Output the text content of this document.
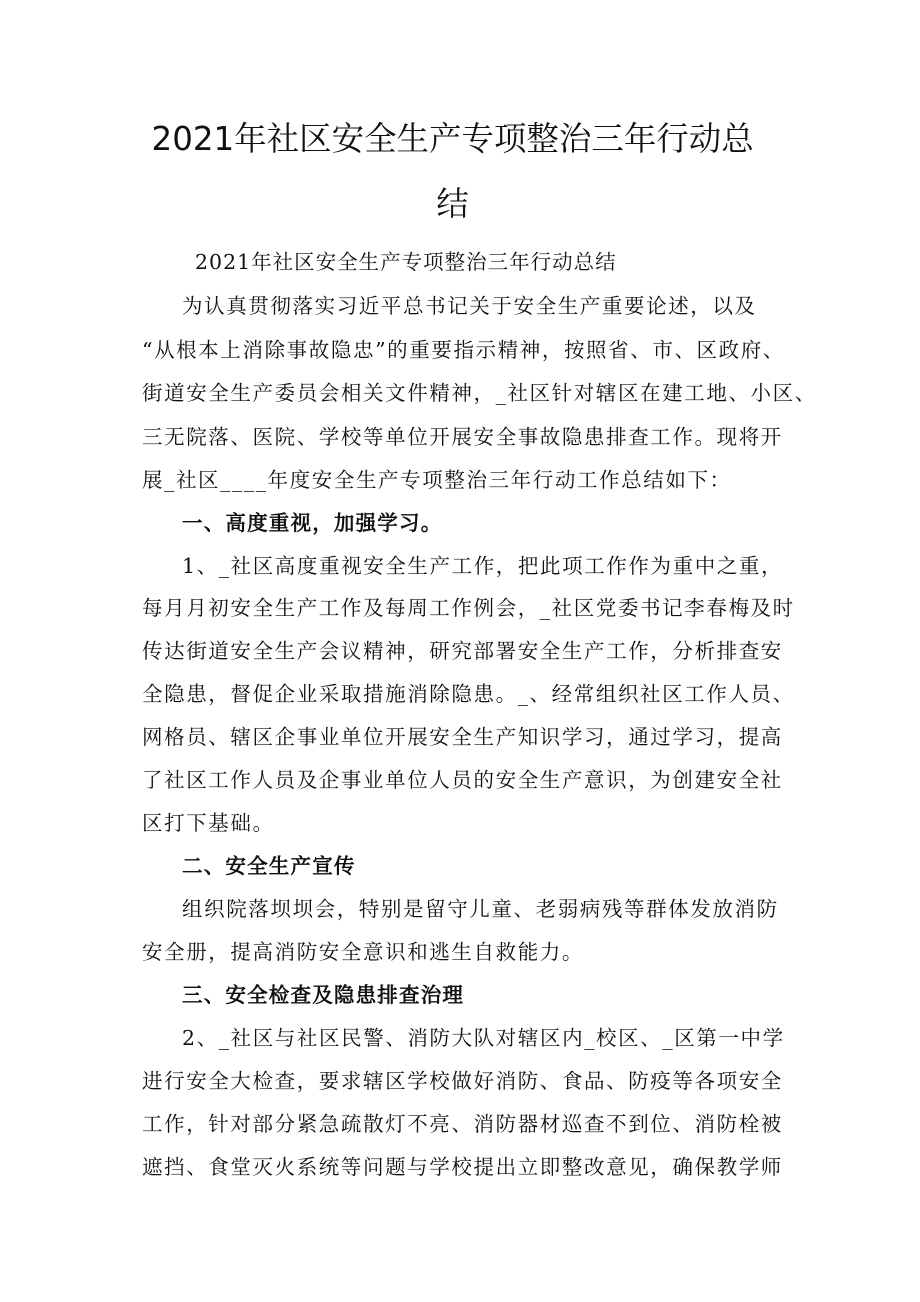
2021年社区安全生产专项整治三年行动总
结
2021年社区安全生产专项整治三年行动总结
为认真贯彻落实习近平总书记关于安全生产重要论述，以及
“从根本上消除事故隐忠”的重要指示精神，按照省、市、区政府、
街道安全生产委员会相关文件精神，_社区针对辖区在建工地、小区、
三无院落、医院、学校等单位开展安全事故隐患排查工作。现将开
展_社区____年度安全生产专项整治三年行动工作总结如下：
一、高度重视，加强学习。
1、_社区高度重视安全生产工作，把此项工作作为重中之重，
每月月初安全生产工作及每周工作例会，_社区党委书记李春梅及时
传达街道安全生产会议精神，研究部署安全生产工作，分析排查安
全隐患，督促企业采取措施消除隐患。_、经常组织社区工作人员、
网格员、辖区企事业单位开展安全生产知识学习，通过学习，提高
了社区工作人员及企事业单位人员的安全生产意识，为创建安全社
区打下基础。
二、安全生产宣传
组织院落坝坝会，特别是留守儿童、老弱病残等群体发放消防
安全册，提高消防安全意识和逃生自救能力。
三、安全检查及隐患排查治理
2、_社区与社区民警、消防大队对辖区内_校区、_区第一中学
进行安全大检查，要求辖区学校做好消防、食品、防疫等各项安全
工作，针对部分紧急疏散灯不亮、消防器材巡查不到位、消防栓被
遮挡、食堂灭火系统等问题与学校提出立即整改意见，确保教学师
